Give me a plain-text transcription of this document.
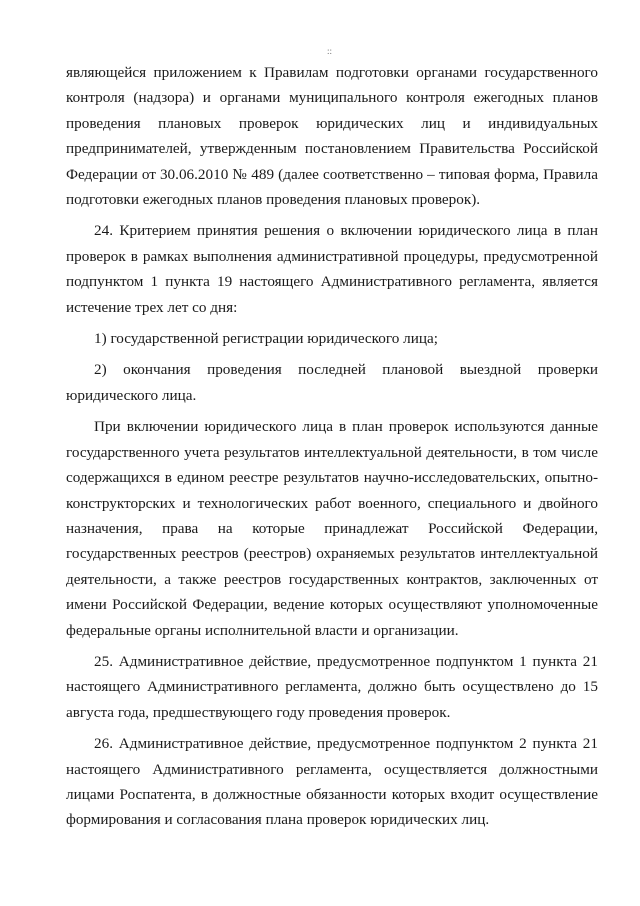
::

являющейся приложением к Правилам подготовки органами государственного контроля (надзора) и органами муниципального контроля ежегодных планов проведения плановых проверок юридических лиц и индивидуальных предпринимателей, утвержденным постановлением Правительства Российской Федерации от 30.06.2010 № 489 (далее соответственно – типовая форма, Правила подготовки ежегодных планов проведения плановых проверок).

24. Критерием принятия решения о включении юридического лица в план проверок в рамках выполнения административной процедуры, предусмотренной подпунктом 1 пункта 19 настоящего Административного регламента, является истечение трех лет со дня:

1) государственной регистрации юридического лица;

2) окончания проведения последней плановой выездной проверки юридического лица.

При включении юридического лица в план проверок используются данные государственного учета результатов интеллектуальной деятельности, в том числе содержащихся в едином реестре результатов научно-исследовательских, опытно-конструкторских и технологических работ военного, специального и двойного назначения, права на которые принадлежат Российской Федерации, государственных реестров (реестров) охраняемых результатов интеллектуальной деятельности, а также реестров государственных контрактов, заключенных от имени Российской Федерации, ведение которых осуществляют уполномоченные федеральные органы исполнительной власти и организации.

25. Административное действие, предусмотренное подпунктом 1 пункта 21 настоящего Административного регламента, должно быть осуществлено до 15 августа года, предшествующего году проведения проверок.

26. Административное действие, предусмотренное подпунктом 2 пункта 21 настоящего Административного регламента, осуществляется должностными лицами Роспатента, в должностные обязанности которых входит осуществление формирования и согласования плана проверок юридических лиц.
